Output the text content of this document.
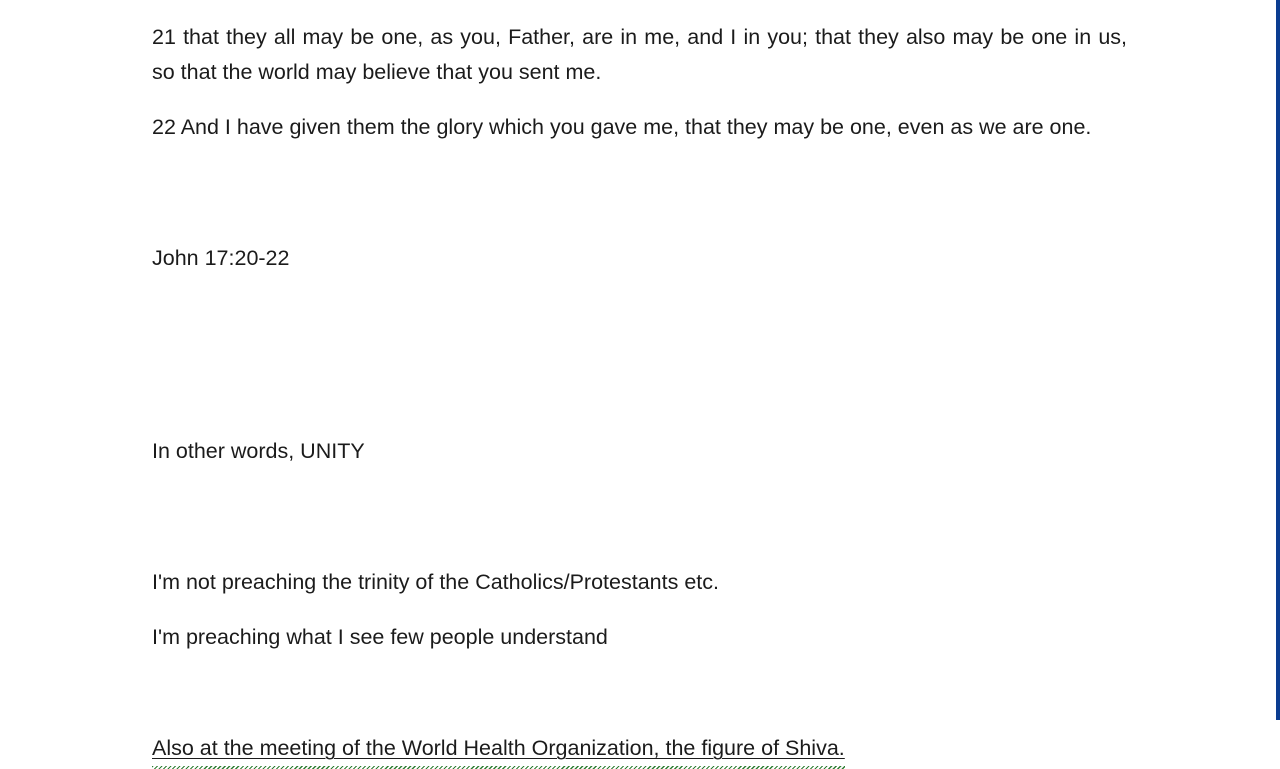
21 that they all may be one, as you, Father, are in me, and I in you; that they also may be one in us, so that the world may believe that you sent me.

22 And I have given them the glory which you gave me, that they may be one, even as we are one.

John 17:20-22

In other words, UNITY

I'm not preaching the trinity of the Catholics/Protestants etc.

I'm preaching what I see few people understand

Also at the meeting of the World Health Organization, the figure of Shiva.
